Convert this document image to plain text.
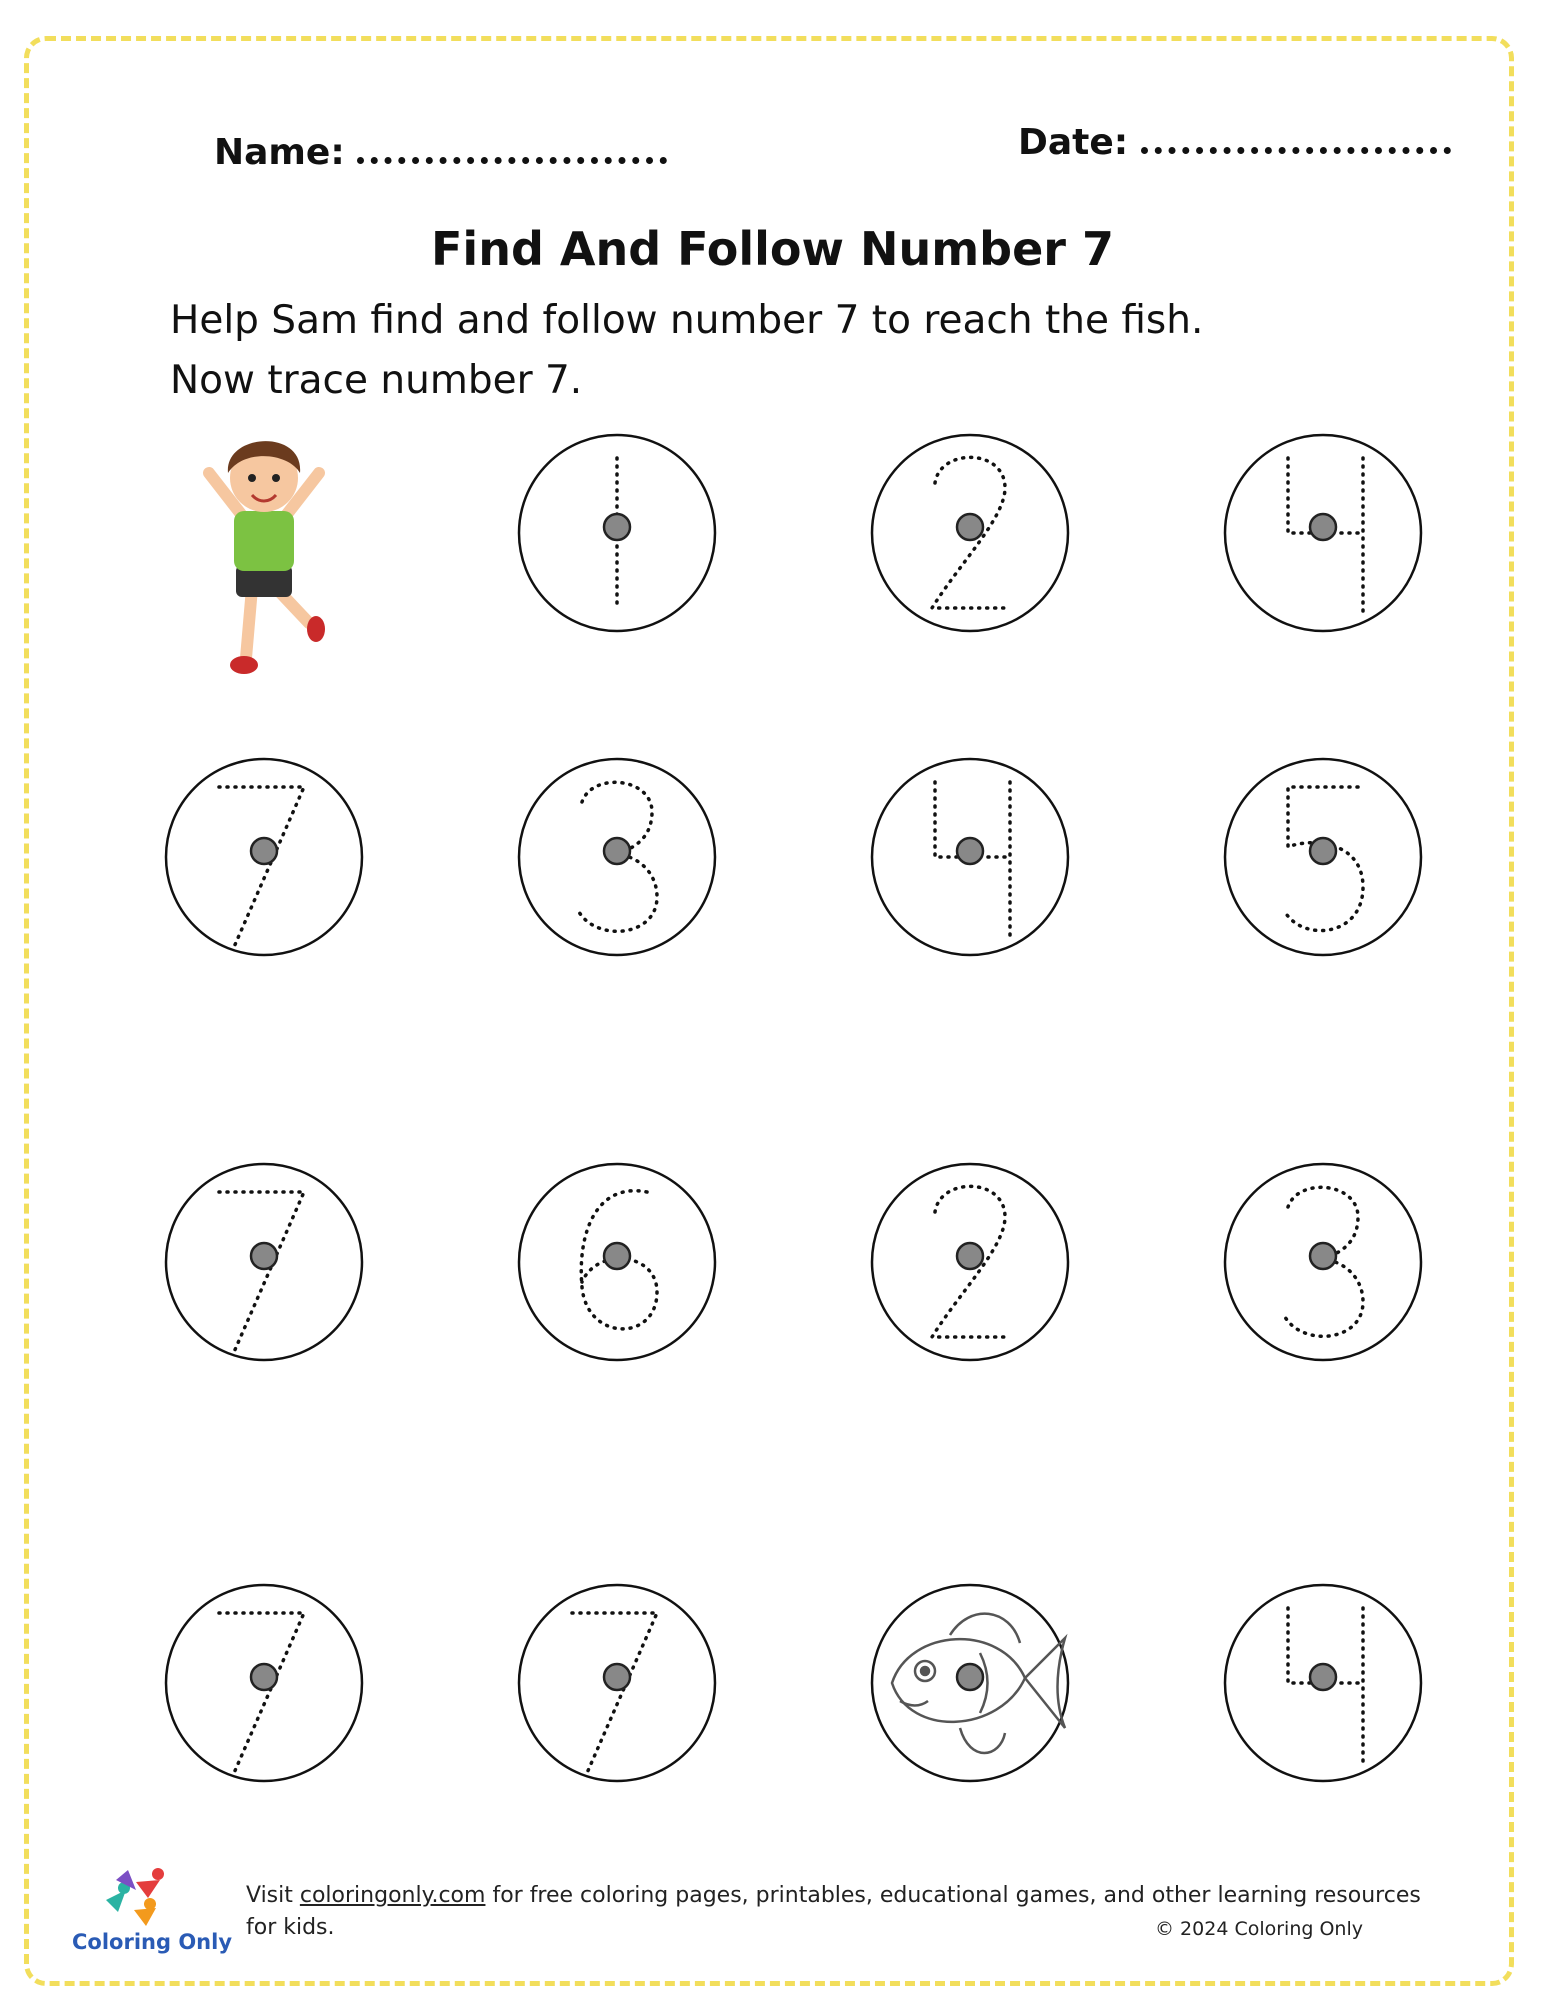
Name:	Date:
Find And Follow Number 7
Help Sam find and follow number 7 to reach the fish.
Now trace number 7.
Visit coloringonly.com for free coloring pages, printables, educational games, and other learning resources for kids.	© 2024 Coloring Only
Coloring Only
